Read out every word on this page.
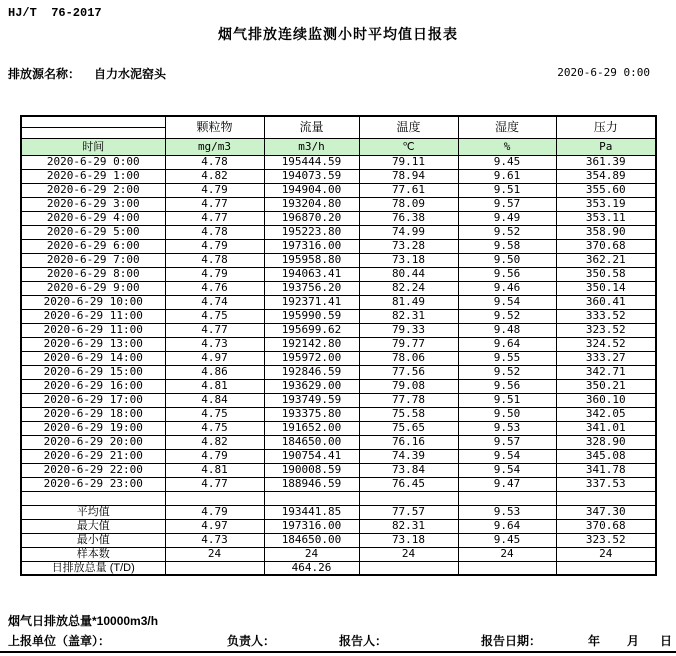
HJ/T  76-2017
烟气排放连续监测小时平均值日报表
排放源名称： 自力水泥窑头	2020-6-29 0:00
	颗粒物	流量	温度	湿度	压力

时间	mg/m3	m3/h	℃	%	Pa
2020-6-29 0:00	4.78	195444.59	79.11	9.45	361.39
2020-6-29 1:00	4.82	194073.59	78.94	9.61	354.89
2020-6-29 2:00	4.79	194904.00	77.61	9.51	355.60
2020-6-29 3:00	4.77	193204.80	78.09	9.57	353.19
2020-6-29 4:00	4.77	196870.20	76.38	9.49	353.11
2020-6-29 5:00	4.78	195223.80	74.99	9.52	358.90
2020-6-29 6:00	4.79	197316.00	73.28	9.58	370.68
2020-6-29 7:00	4.78	195958.80	73.18	9.50	362.21
2020-6-29 8:00	4.79	194063.41	80.44	9.56	350.58
2020-6-29 9:00	4.76	193756.20	82.24	9.46	350.14
2020-6-29 10:00	4.74	192371.41	81.49	9.54	360.41
2020-6-29 11:00	4.75	195990.59	82.31	9.52	333.52
2020-6-29 11:00	4.77	195699.62	79.33	9.48	323.52
2020-6-29 13:00	4.73	192142.80	79.77	9.64	324.52
2020-6-29 14:00	4.97	195972.00	78.06	9.55	333.27
2020-6-29 15:00	4.86	192846.59	77.56	9.52	342.71
2020-6-29 16:00	4.81	193629.00	79.08	9.56	350.21
2020-6-29 17:00	4.84	193749.59	77.78	9.51	360.10
2020-6-29 18:00	4.75	193375.80	75.58	9.50	342.05
2020-6-29 19:00	4.75	191652.00	75.65	9.53	341.01
2020-6-29 20:00	4.82	184650.00	76.16	9.57	328.90
2020-6-29 21:00	4.79	190754.41	74.39	9.54	345.08
2020-6-29 22:00	4.81	190008.59	73.84	9.54	341.78
2020-6-29 23:00	4.77	188946.59	76.45	9.47	337.53

平均值	4.79	193441.85	77.57	9.53	347.30
最大值	4.97	197316.00	82.31	9.64	370.68
最小值	4.73	184650.00	73.18	9.45	323.52
样本数	24	24	24	24	24
日排放总量 (T/D)		464.26			
烟气日排放总量*10000m3/h
上报单位（盖章）：	负责人：	报告人：	报告日期：	年 月 日
